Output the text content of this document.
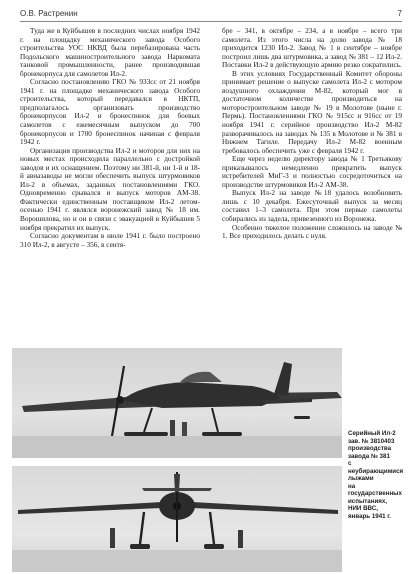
О.В. Растренин	7

Туда же в Куйбышев в последних числах ноября 1942 г. на площадку механического завода Особого строительства УОС НКВД была перебазирована часть Подольского машиностроительного завода Наркомата танковой промышленности, ранее производившая бронекорпуса для самолетов Ил-2.

Согласно постановлению ГКО № 933сс от 21 ноября 1941 г. на площадке механического завода Особого строительства, который передавался в НКТП, предполагалось организовать производство бронекорпусов Ил-2 и бронеспинок для боевых самолетов с ежемесячным выпуском до 700 бронекорпусов и 1700 бронеспинок начиная с февраля 1942 г.

Организация производства Ил-2 и моторов для них на новых местах происходила параллельно с достройкой заводов и их оснащением. Поэтому ни 381-й, ни 1-й и 18-й авиазаводы не могли обеспечить выпуск штурмовиков Ил-2 в объемах, заданных постановлениями ГКО. Одновременно срывался и выпуск моторов АМ-38. Фактически единственным поставщиком Ил-2 летом-осенью 1941 г. являлся воронежский завод № 18 им. Ворошилова, но и он в связи с эвакуацией в Куйбышев 5 ноября прекратил их выпуск.

Согласно документам в июле 1941 г. было построено 310 Ил-2, в августе – 356, в сентя-

бре – 341, в октябре – 234, а в ноябре – всего три самолета. Из этого числа на долю завода № 18 приходится 1230 Ил-2. Завод № 1 в сентябре – ноябре построил лишь два штурмовика, а завод № 381 – 12 Ил-2. Поставки Ил-2 в действующую армию резко сократились.

В этих условиях Государственный Комитет обороны принимает решение о выпуске самолета Ил-2 с мотором воздушного охлаждения М-82, который мог в достаточном количестве производиться на моторостроительном заводе № 19 в Молотове (ныне г. Пермь). Постановлениями ГКО № 915сс и 916сс от 19 ноября 1941 г. серийное производство Ил-2 М-82 разворачивалось на заводах № 135 в Молотове и № 381 в Нижнем Тагиле. Передачу Ил-2 М-82 военным требовалось обеспечить уже с февраля 1942 г.

Еще через неделю директору завода № 1 Третьякову приказывалось немедленно прекратить выпуск истребителей МиГ-3 и полностью сосредоточиться на производстве штурмовиков Ил-2 АМ-38.

Выпуск Ил-2 на заводе №18 удалось возобновить лишь с 10 декабря. Ежесуточный выпуск за месяц составил 1–3 самолета. При этом первые самолеты собирались из задела, привезенного из Воронежа.

Особенно тяжелое положение сложилось на заводе № 1. Все приходилось делать с нуля.

Серийный Ил-2
зав. № 3810403
производства
завода № 381
с неубирающимися
лыжами
на государственных
испытаниях,
НИИ ВВС,
январь 1941 г.
